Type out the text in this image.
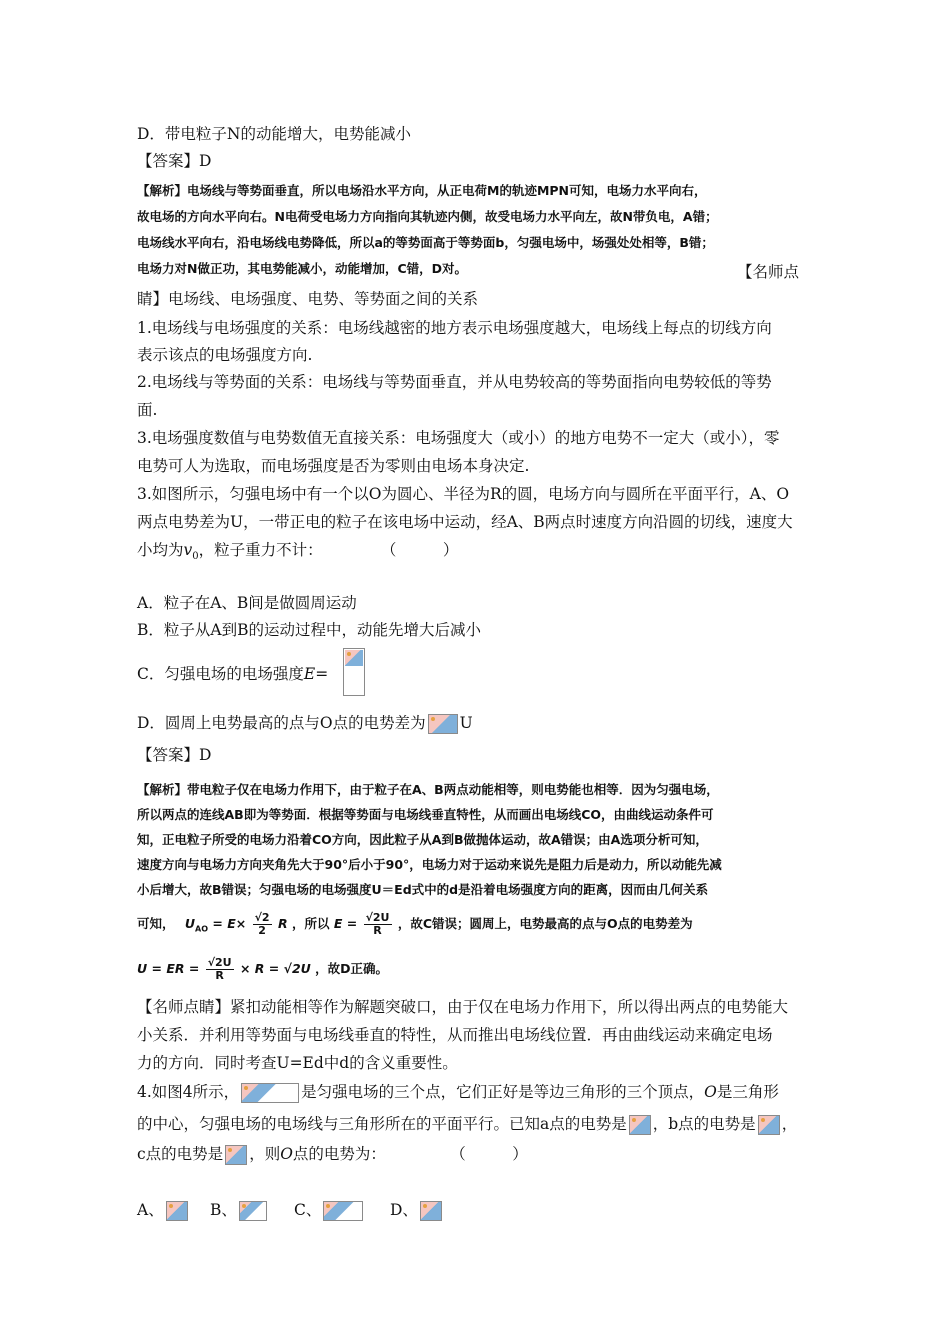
D．带电粒子N的动能增大，电势能减小
【答案】D
【解析】电场线与等势面垂直，所以电场沿水平方向，从正电荷M的轨迹MPN可知，电场力水平向右，
故电场的方向水平向右。N电荷受电场力方向指向其轨迹内侧，故受电场力水平向左，故N带负电，A错；
电场线水平向右，沿电场线电势降低，所以a的等势面高于等势面b，匀强电场中，场强处处相等，B错；
电场力对N做正功，其电势能减小，动能增加，C错，D对。	【名师点
睛】电场线、电场强度、电势、等势面之间的关系
1.电场线与电场强度的关系：电场线越密的地方表示电场强度越大，电场线上每点的切线方向
表示该点的电场强度方向.
2.电场线与等势面的关系：电场线与等势面垂直，并从电势较高的等势面指向电势较低的等势
面.
3.电场强度数值与电势数值无直接关系：电场强度大（或小）的地方电势不一定大（或小），零
电势可人为选取，而电场强度是否为零则由电场本身决定.
3.如图所示，匀强电场中有一个以O为圆心、半径为R的圆，电场方向与圆所在平面平行，A、O
两点电势差为U，一带正电的粒子在该电场中运动，经A、B两点时速度方向沿圆的切线，速度大
小均为$v_0$，粒子重力不计：	（　　　）
A．粒子在A、B间是做圆周运动
B．粒子从A到B的运动过程中，动能先增大后减小
C．匀强电场的电场强度E=
D．圆周上电势最高的点与O点的电势差为 U
【答案】D
【解析】带电粒子仅在电场力作用下，由于粒子在A、B两点动能相等，则电势能也相等．因为匀强电场，
所以两点的连线AB即为等势面．根据等势面与电场线垂直特性，从而画出电场线CO，由曲线运动条件可
知，正电粒子所受的电场力沿着CO方向，因此粒子从A到B做抛体运动，故A错误；由A选项分析可知，
速度方向与电场力方向夹角先大于90°后小于90°，电场力对于运动来说先是阻力后是动力，所以动能先减
小后增大，故B错误；匀强电场的电场强度U＝Ed式中的d是沿着电场强度方向的距离，因而由几何关系
可知， $U_{AO} = E\times \frac{√2}{2}$ R ，所以 $E = \frac{√2U}{R}$ ，故C错误；圆周上，电势最高的点与O点的电势差为
U = ER = $\frac{√2U}{R} \times R = √2U$ ，故D正确。
【名师点睛】紧扣动能相等作为解题突破口，由于仅在电场力作用下，所以得出两点的电势能大
小关系．并利用等势面与电场线垂直的特性，从而推出电场线位置．再由曲线运动来确定电场
力的方向．同时考查U=Ed中d的含义重要性。
4.如图4所示，	是匀强电场的三个点，它们正好是等边三角形的三个顶点，O是三角形
的中心，匀强电场的电场线与三角形所在的平面平行。已知a点的电势是 ，b点的电势是 ，
c点的电势是 ，则O点的电势为：	（　　　）
A、	B、	C、	D、
